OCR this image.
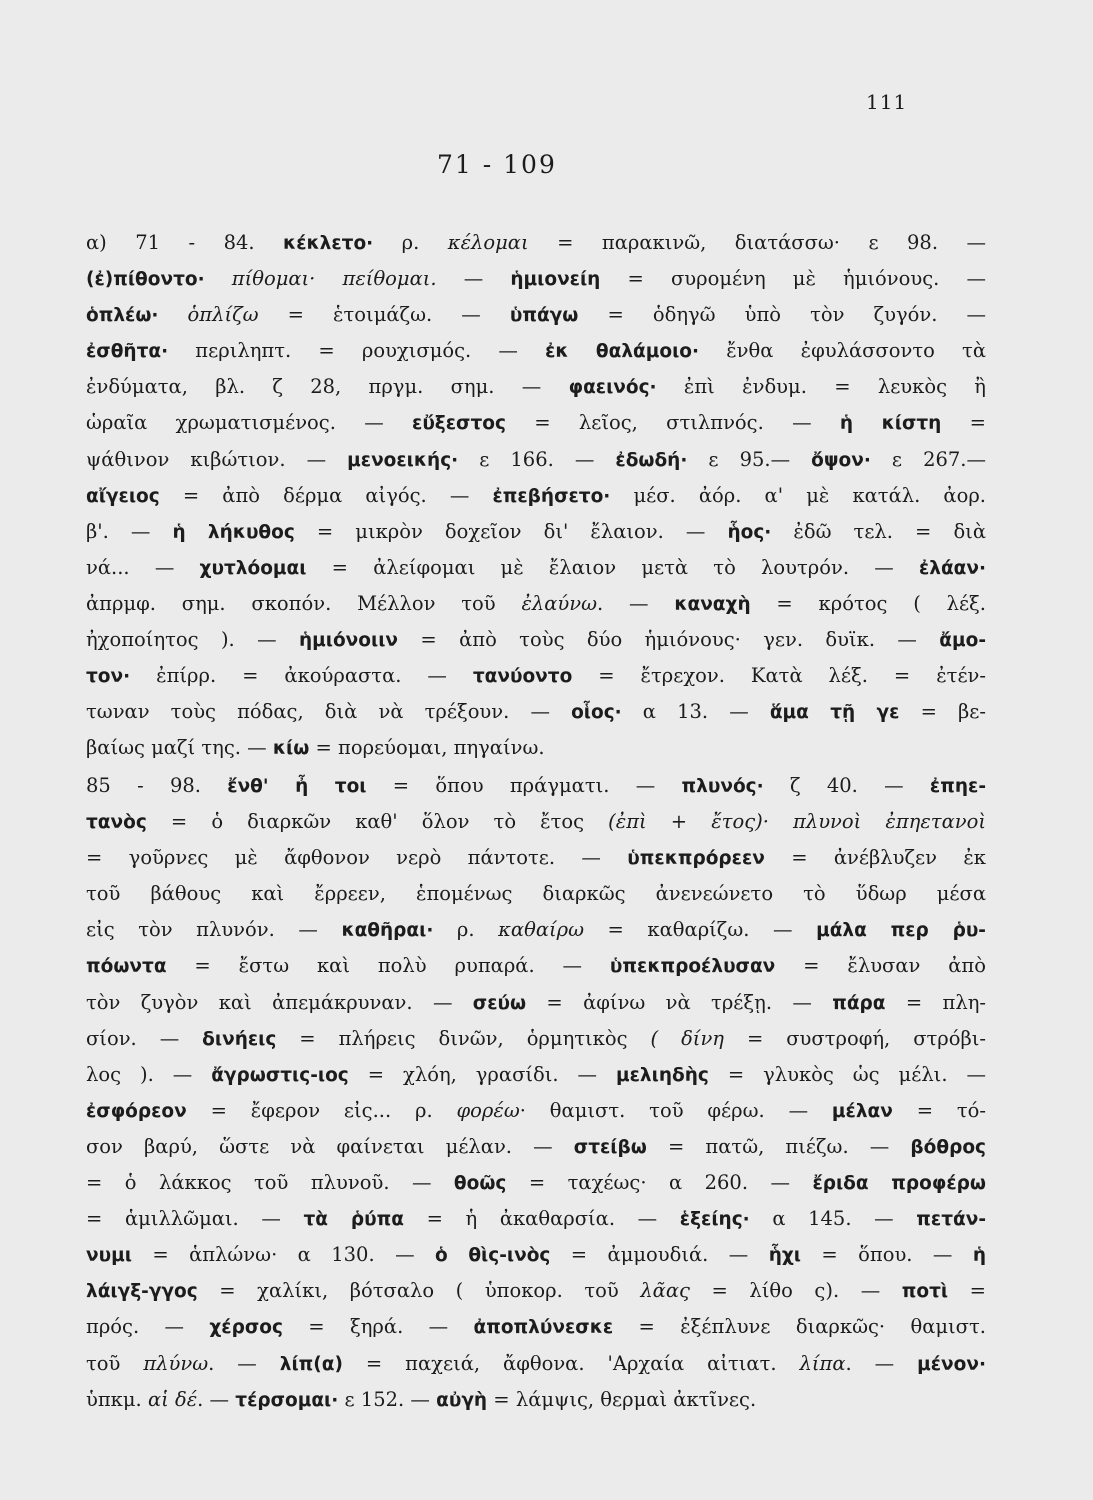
111
71 - 109
α) 71 - 84. κέκλετο· ρ. κέλομαι = παρακινῶ, διατάσσω· ε 98. —
(ἐ)πίθοντο· πίθομαι· πείθομαι. — ἡμιονείη = συρομένη μὲ ἡμιόνους. —
ὁπλέω· ὁπλίζω = ἑτοιμάζω. — ὑπάγω = ὁδηγῶ ὑπὸ τὸν ζυγόν. —
ἐσθῆτα· περιληπτ. = ρουχισμός. — ἐκ θαλάμοιο· ἔνθα ἐφυλάσσοντο τὰ
ἐνδύματα, βλ. ζ 28, πργμ. σημ. — φαεινός· ἐπὶ ἐνδυμ. = λευκὸς ἢ
ὡραῖα χρωματισμένος. — εὔξεστος = λεῖος, στιλπνός. — ἡ κίστη =
ψάθινον κιβώτιον. — μενοεικής· ε 166. — ἐδωδή· ε 95.— ὄψον· ε 267.—
αἴγειος = ἀπὸ δέρμα αἰγός. — ἐπεβήσετο· μέσ. ἀόρ. α' μὲ κατάλ. ἀορ.
β'. — ἡ λήκυθος = μικρὸν δοχεῖον δι' ἔλαιον. — ἧος· ἐδῶ τελ. = διὰ
νά... — χυτλόομαι = ἀλείφομαι μὲ ἔλαιον μετὰ τὸ λουτρόν. — ἐλάαν·
ἀπρμφ. σημ. σκοπόν. Μέλλον τοῦ ἐλαύνω. — καναχὴ = κρότος ( λέξ.
ἠχοποίητος ). — ἡμιόνοιιν = ἀπὸ τοὺς δύο ἡμιόνους· γεν. δυϊκ. — ἄμο-
τον· ἐπίρρ. = ἀκούραστα. — τανύοντο = ἔτρεχον. Κατὰ λέξ. = ἐτέν-
τωναν τοὺς πόδας, διὰ νὰ τρέξουν. — οἷος· α 13. — ἅμα τῇ γε = βε-
βαίως μαζί της. — κίω = πορεύομαι, πηγαίνω.
85 - 98. ἔνθ' ἦ τοι = ὅπου πράγματι. — πλυνός· ζ 40. — ἐπηε-
τανὸς = ὁ διαρκῶν καθ' ὅλον τὸ ἔτος (ἐπὶ + ἔτος)· πλυνοὶ ἐπηετανοὶ
= γοῦρνες μὲ ἄφθονον νερὸ πάντοτε. — ὑπεκπρόρεεν = ἀνέβλυζεν ἐκ
τοῦ βάθους καὶ ἔρρεεν, ἑπομένως διαρκῶς ἀνενεώνετο τὸ ὕδωρ μέσα
εἰς τὸν πλυνόν. — καθῆραι· ρ. καθαίρω = καθαρίζω. — μάλα περ ῥυ-
πόωντα = ἔστω καὶ πολὺ ρυπαρά. — ὑπεκπροέλυσαν = ἔλυσαν ἀπὸ
τὸν ζυγὸν καὶ ἀπεμάκρυναν. — σεύω = ἀφίνω νὰ τρέξῃ. — πάρα = πλη-
σίον. — δινήεις = πλήρεις δινῶν, ὁρμητικὸς ( δίνη = συστροφή, στρόβι-
λος ). — ἄγρωστις-ιος = χλόη, γρασίδι. — μελιηδὴς = γλυκὸς ὡς μέλι. —
ἐσφόρεον = ἔφερον εἰς... ρ. φορέω· θαμιστ. τοῦ φέρω. — μέλαν = τό-
σον βαρύ, ὥστε νὰ φαίνεται μέλαν. — στείβω = πατῶ, πιέζω. — βόθρος
= ὁ λάκκος τοῦ πλυνοῦ. — θοῶς = ταχέως· α 260. — ἔριδα προφέρω
= ἁμιλλῶμαι. — τὰ ῥύπα = ἡ ἀκαθαρσία. — ἑξείης· α 145. — πετάν-
νυμι = ἁπλώνω· α 130. — ὁ θὶς-ινὸς = ἀμμουδιά. — ἧχι = ὅπου. — ἡ
λάιγξ-γγος = χαλίκι, βότσαλο ( ὑποκορ. τοῦ λᾶας = λίθο ς). — ποτὶ =
πρός. — χέρσος = ξηρά. — ἀποπλύνεσκε = ἐξέπλυνε διαρκῶς· θαμιστ.
τοῦ πλύνω. — λίπ(α) = παχειά, ἄφθονα. 'Αρχαία αἰτιατ. λίπα. — μένον·
ὑπκμ. αἱ δέ. — τέρσομαι· ε 152. — αὐγὴ = λάμψις, θερμαὶ ἀκτῖνες.
